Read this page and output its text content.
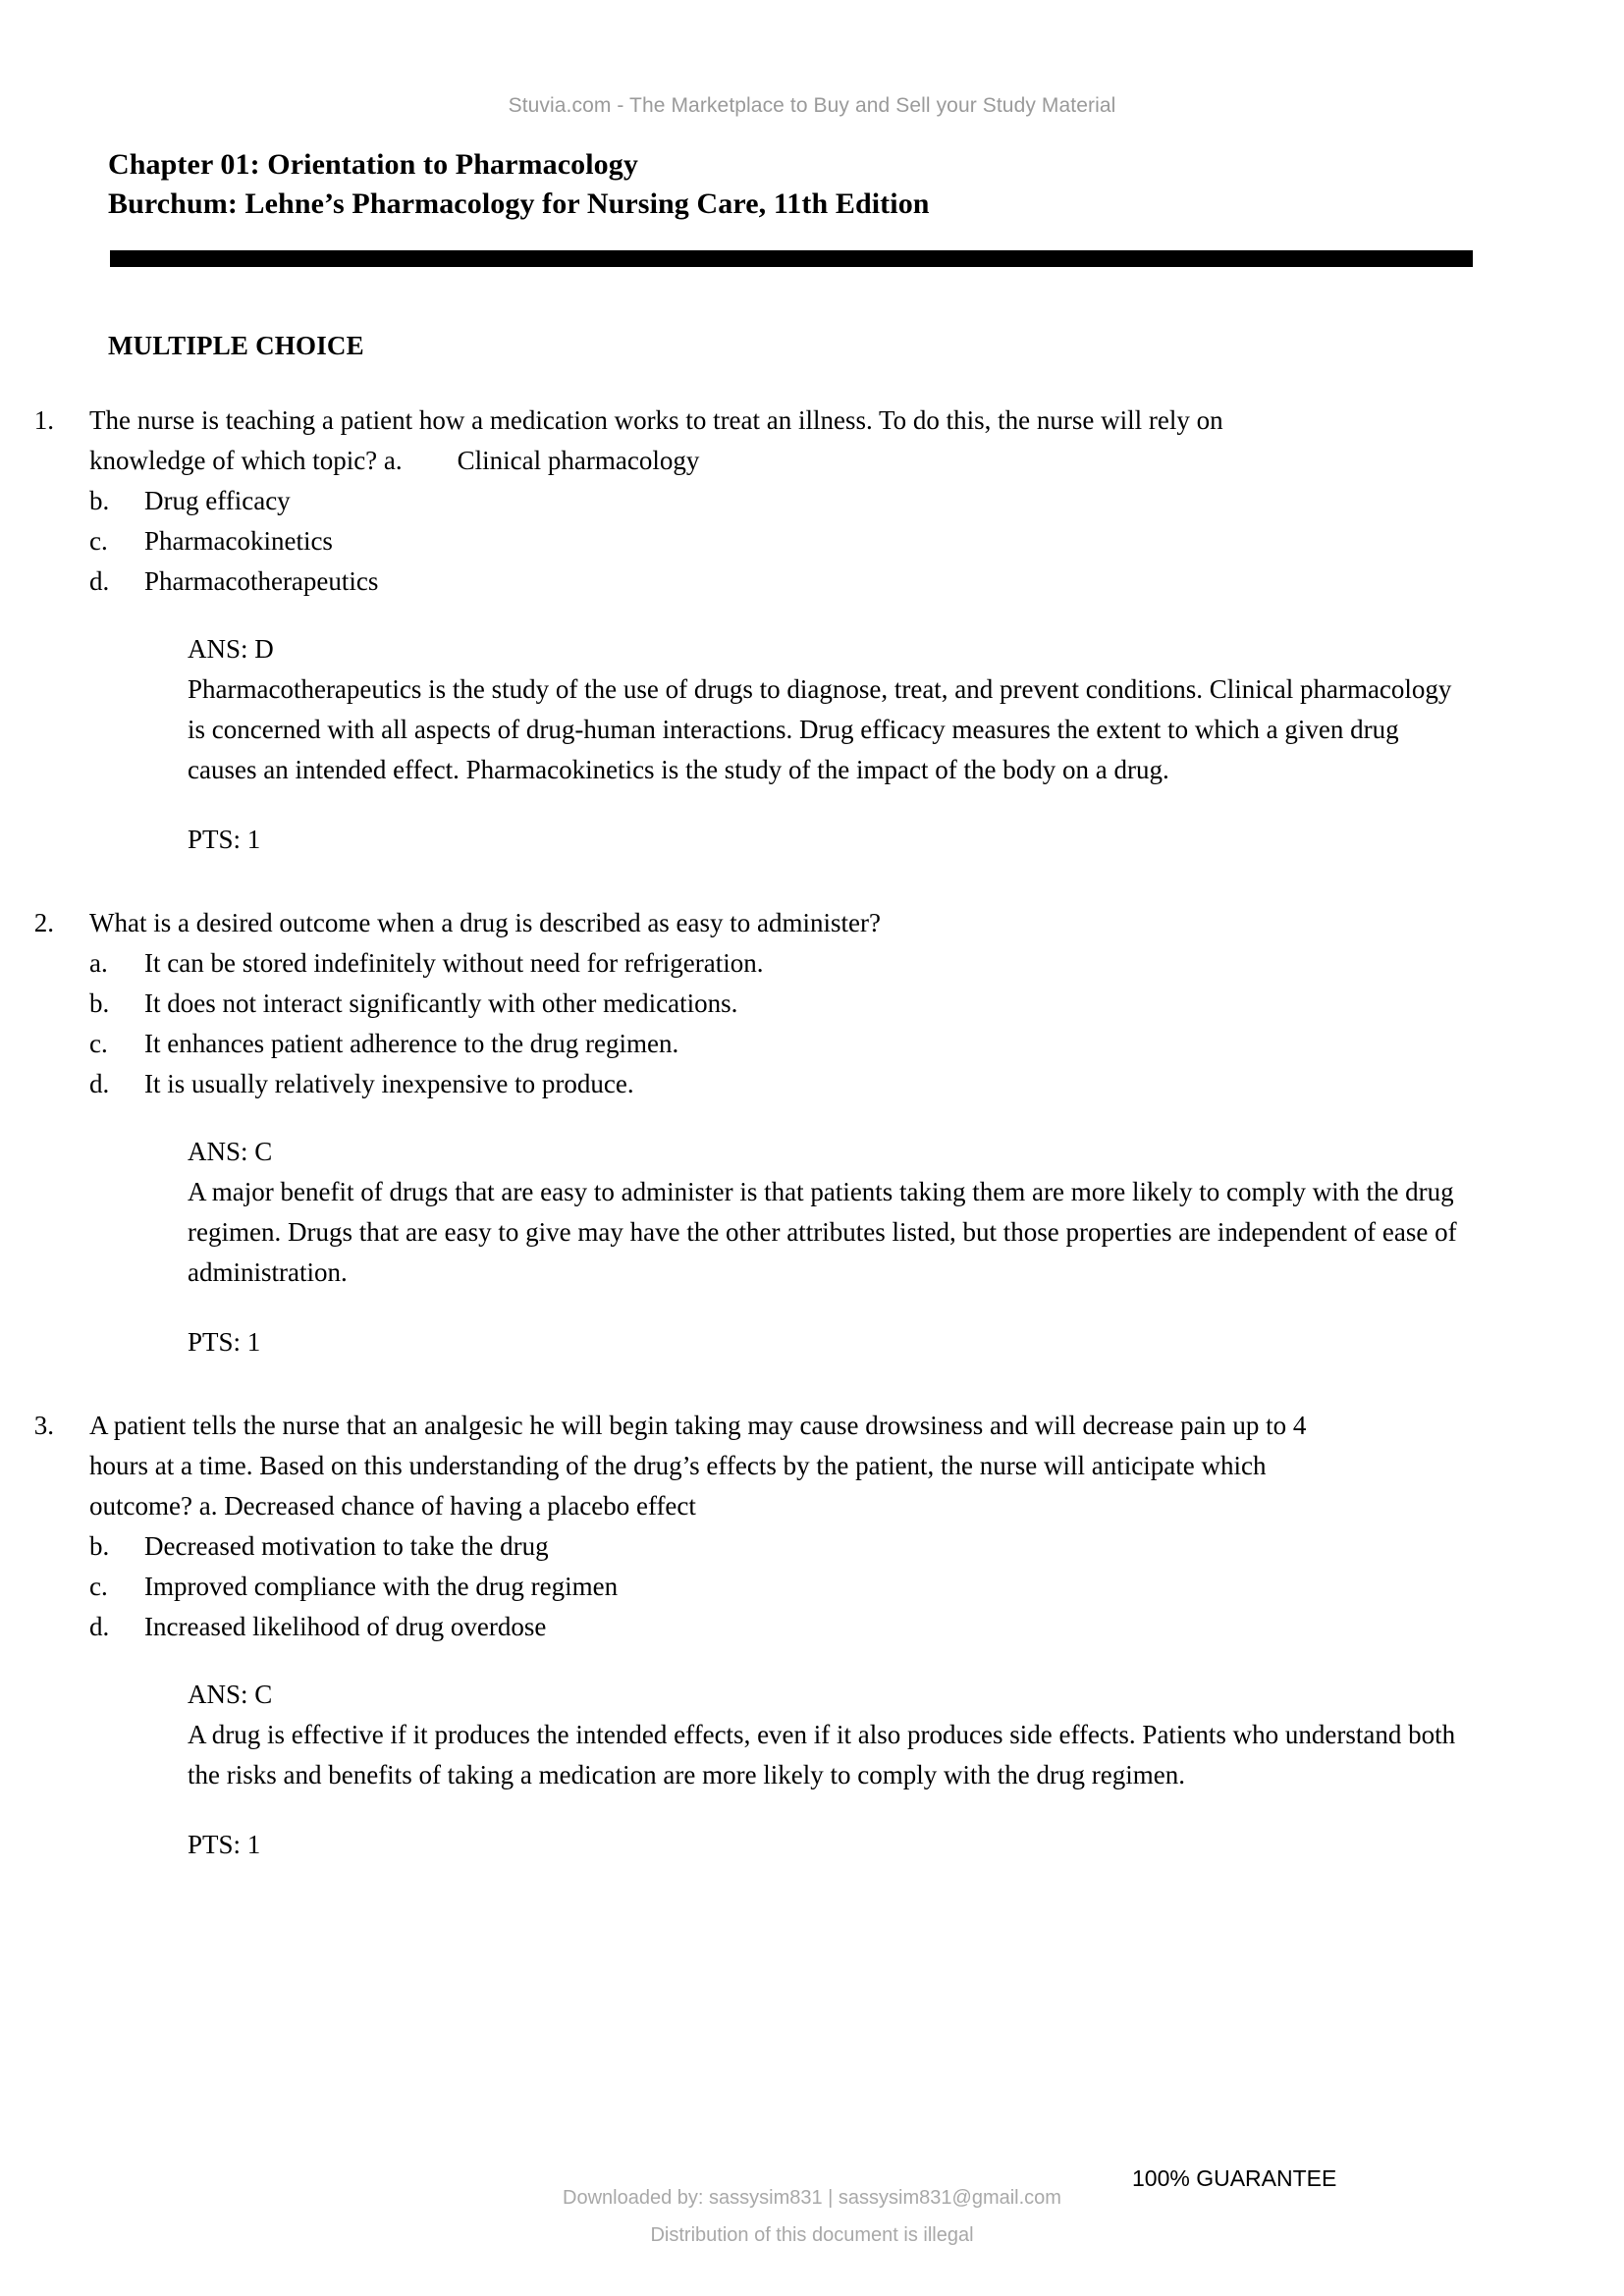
Stuvia.com - The Marketplace to Buy and Sell your Study Material
Chapter 01: Orientation to Pharmacology
Burchum: Lehne’s Pharmacology for Nursing Care, 11th Edition
MULTIPLE CHOICE
1. The nurse is teaching a patient how a medication works to treat an illness. To do this, the nurse will rely on knowledge of which topic? a. Clinical pharmacology
b.	Drug efficacy
c.	Pharmacokinetics
d.	Pharmacotherapeutics
ANS: D
Pharmacotherapeutics is the study of the use of drugs to diagnose, treat, and prevent conditions. Clinical pharmacology is concerned with all aspects of drug-human interactions. Drug efficacy measures the extent to which a given drug causes an intended effect. Pharmacokinetics is the study of the impact of the body on a drug.
PTS: 1
2. What is a desired outcome when a drug is described as easy to administer?
a.	It can be stored indefinitely without need for refrigeration.
b.	It does not interact significantly with other medications.
c.	It enhances patient adherence to the drug regimen.
d.	It is usually relatively inexpensive to produce.
ANS: C
A major benefit of drugs that are easy to administer is that patients taking them are more likely to comply with the drug regimen. Drugs that are easy to give may have the other attributes listed, but those properties are independent of ease of administration.
PTS: 1
3. A patient tells the nurse that an analgesic he will begin taking may cause drowsiness and will decrease pain up to 4 hours at a time. Based on this understanding of the drug’s effects by the patient, the nurse will anticipate which outcome? a. Decreased chance of having a placebo effect
b.	Decreased motivation to take the drug
c.	Improved compliance with the drug regimen
d.	Increased likelihood of drug overdose
ANS: C
A drug is effective if it produces the intended effects, even if it also produces side effects. Patients who understand both the risks and benefits of taking a medication are more likely to comply with the drug regimen.
PTS: 1
Downloaded by: sassysim831 | sassysim831@gmail.com
Distribution of this document is illegal
100% GUARANTEE
